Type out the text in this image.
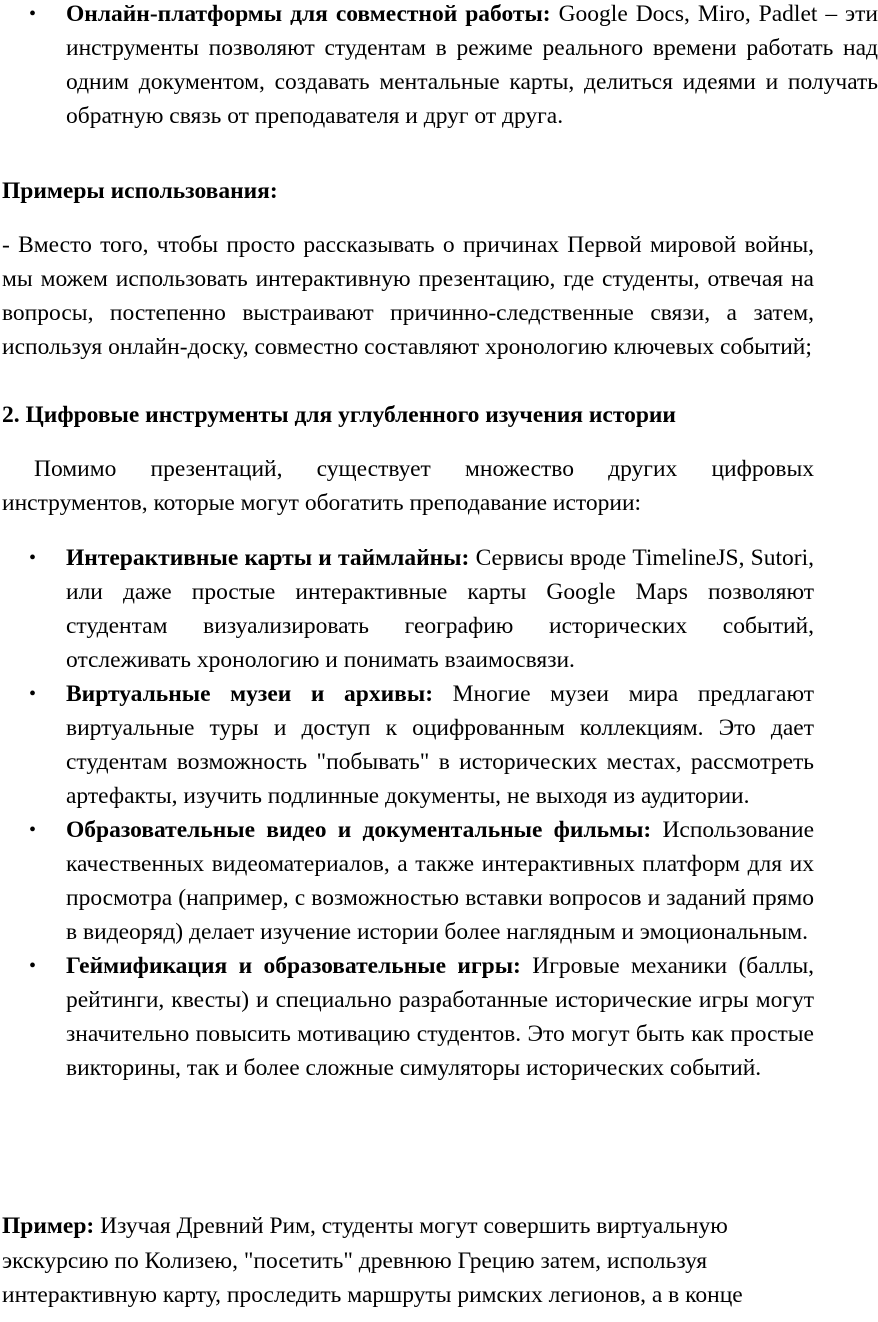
• Онлайн-платформы для совместной работы: Google Docs, Miro, Padlet – эти инструменты позволяют студентам в режиме реального времени работать над одним документом, создавать ментальные карты, делиться идеями и получать обратную связь от преподавателя и друг от друга.

Примеры использования:

- Вместо того, чтобы просто рассказывать о причинах Первой мировой войны, мы можем использовать интерактивную презентацию, где студенты, отвечая на вопросы, постепенно выстраивают причинно-следственные связи, а затем, используя онлайн-доску, совместно составляют хронологию ключевых событий;

2. Цифровые инструменты для углубленного изучения истории

Помимо презентаций, существует множество других цифровых инструментов, которые могут обогатить преподавание истории:

• Интерактивные карты и таймлайны: Сервисы вроде TimelineJS, Sutori, или даже простые интерактивные карты Google Maps позволяют студентам визуализировать географию исторических событий, отслеживать хронологию и понимать взаимосвязи.
• Виртуальные музеи и архивы: Многие музеи мира предлагают виртуальные туры и доступ к оцифрованным коллекциям. Это дает студентам возможность "побывать" в исторических местах, рассмотреть артефакты, изучить подлинные документы, не выходя из аудитории.
• Образовательные видео и документальные фильмы: Использование качественных видеоматериалов, а также интерактивных платформ для их просмотра (например, с возможностью вставки вопросов и заданий прямо в видеоряд) делает изучение истории более наглядным и эмоциональным.
• Геймификация и образовательные игры: Игровые механики (баллы, рейтинги, квесты) и специально разработанные исторические игры могут значительно повысить мотивацию студентов. Это могут быть как простые викторины, так и более сложные симуляторы исторических событий.

Пример: Изучая Древний Рим, студенты могут совершить виртуальную экскурсию по Колизею, "посетить" древнюю Грецию затем, используя интерактивную карту, проследить маршруты римских легионов, а в конце
